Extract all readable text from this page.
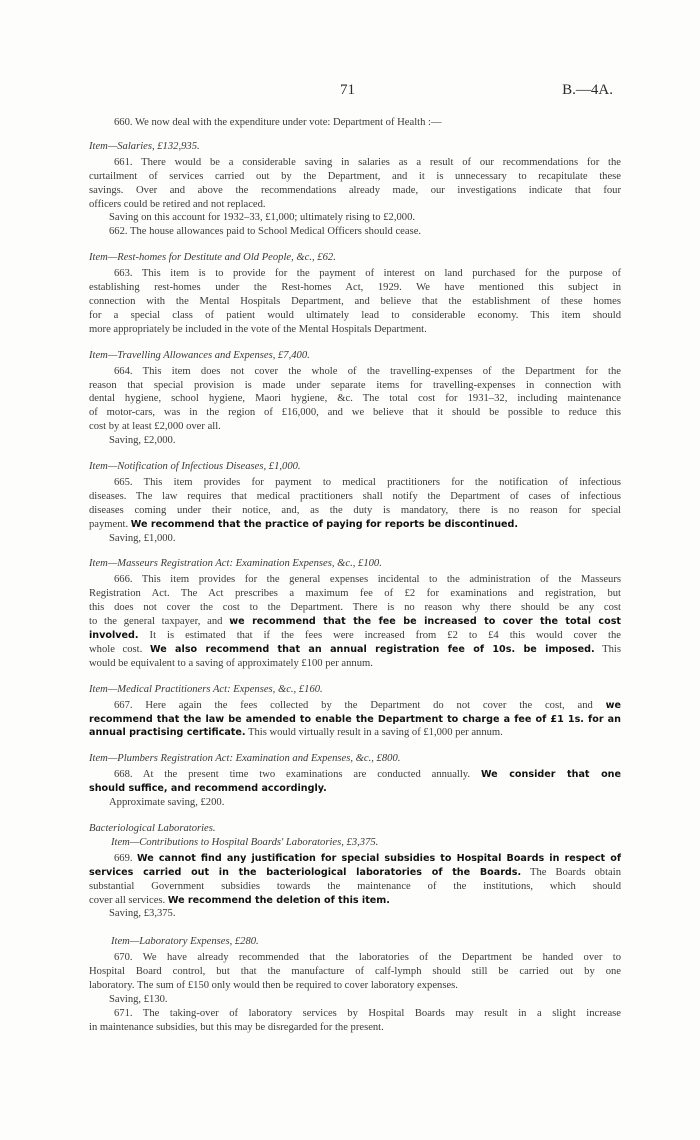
71	B.—4A.

660. We now deal with the expenditure under vote: Department of Health :—

Item—Salaries, £132,935.

661. There would be a considerable saving in salaries as a result of our recommendations for the

curtailment of services carried out by the Department, and it is unnecessary to recapitulate these

savings. Over and above the recommendations already made, our investigations indicate that four

officers could be retired and not replaced.

Saving on this account for 1932–33, £1,000; ultimately rising to £2,000.

662. The house allowances paid to School Medical Officers should cease.

Item—Rest-homes for Destitute and Old People, &c., £62.

663. This item is to provide for the payment of interest on land purchased for the purpose of

establishing rest-homes under the Rest-homes Act, 1929. We have mentioned this subject in

connection with the Mental Hospitals Department, and believe that the establishment of these homes

for a special class of patient would ultimately lead to considerable economy. This item should

more appropriately be included in the vote of the Mental Hospitals Department.

Item—Travelling Allowances and Expenses, £7,400.

664. This item does not cover the whole of the travelling-expenses of the Department for the

reason that special provision is made under separate items for travelling-expenses in connection with

dental hygiene, school hygiene, Maori hygiene, &c. The total cost for 1931–32, including maintenance

of motor-cars, was in the region of £16,000, and we believe that it should be possible to reduce this

cost by at least £2,000 over all.

Saving, £2,000.

Item—Notification of Infectious Diseases, £1,000.

665. This item provides for payment to medical practitioners for the notification of infectious

diseases. The law requires that medical practitioners shall notify the Department of cases of infectious

diseases coming under their notice, and, as the duty is mandatory, there is no reason for special

payment. We recommend that the practice of paying for reports be discontinued.

Saving, £1,000.

Item—Masseurs Registration Act: Examination Expenses, &c., £100.

666. This item provides for the general expenses incidental to the administration of the Masseurs

Registration Act. The Act prescribes a maximum fee of £2 for examinations and registration, but

this does not cover the cost to the Department. There is no reason why there should be any cost

to the general taxpayer, and we recommend that the fee be increased to cover the total cost

involved. It is estimated that if the fees were increased from £2 to £4 this would cover the

whole cost. We also recommend that an annual registration fee of 10s. be imposed. This

would be equivalent to a saving of approximately £100 per annum.

Item—Medical Practitioners Act: Expenses, &c., £160.

667. Here again the fees collected by the Department do not cover the cost, and we

recommend that the law be amended to enable the Department to charge a fee of £1 1s. for an

annual practising certificate. This would virtually result in a saving of £1,000 per annum.

Item—Plumbers Registration Act: Examination and Expenses, &c., £800.

668. At the present time two examinations are conducted annually. We consider that one

should suffice, and recommend accordingly.

Approximate saving, £200.

Bacteriological Laboratories.

Item—Contributions to Hospital Boards' Laboratories, £3,375.

669. We cannot find any justification for special subsidies to Hospital Boards in respect of

services carried out in the bacteriological laboratories of the Boards. The Boards obtain

substantial Government subsidies towards the maintenance of the institutions, which should

cover all services. We recommend the deletion of this item.

Saving, £3,375.

Item—Laboratory Expenses, £280.

670. We have already recommended that the laboratories of the Department be handed over to

Hospital Board control, but that the manufacture of calf-lymph should still be carried out by one

laboratory. The sum of £150 only would then be required to cover laboratory expenses.

Saving, £130.

671. The taking-over of laboratory services by Hospital Boards may result in a slight increase

in maintenance subsidies, but this may be disregarded for the present.
